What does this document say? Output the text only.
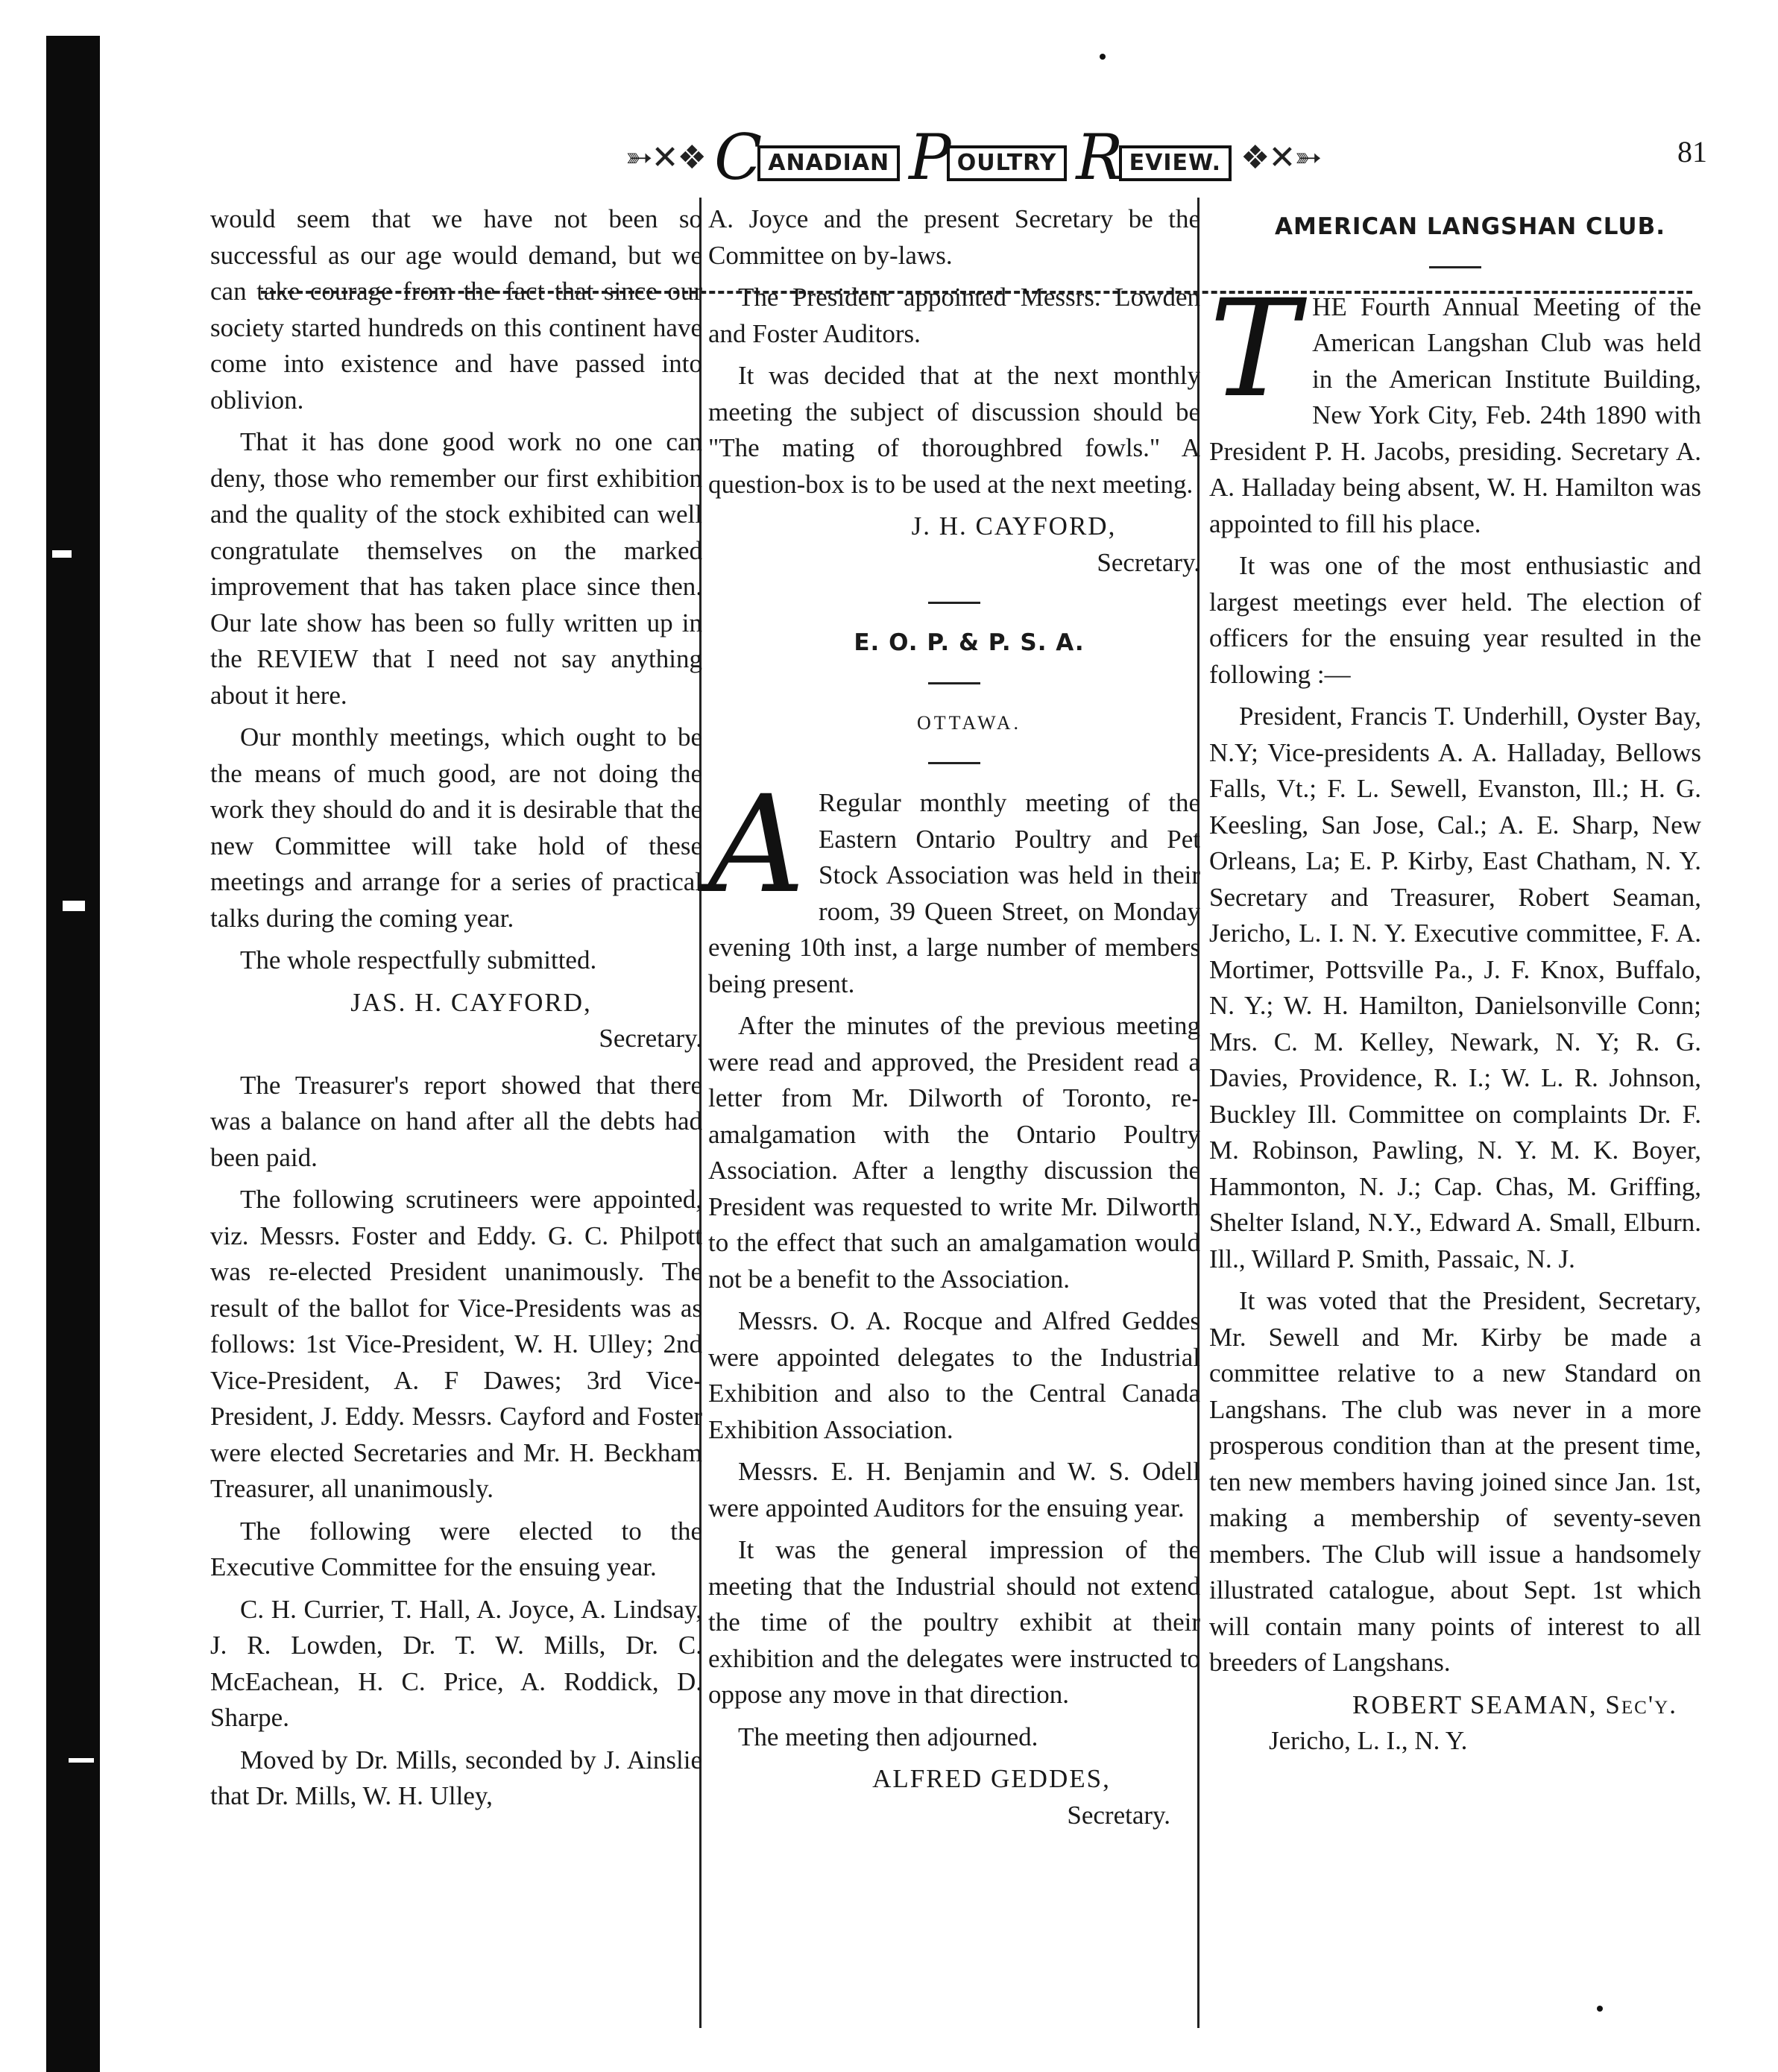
➳✕❖ C ANADIAN P OULTRY R EVIEW. ❖✕➳	81

would seem that we have not been so successful as our age would demand, but we can take courage from the fact that since our society started hundreds on this continent have come into existence and have passed into oblivion.

That it has done good work no one can deny, those who remember our first exhibition and the quality of the stock exhibited can well congratulate themselves on the marked improvement that has taken place since then. Our late show has been so fully written up in the REVIEW that I need not say anything about it here.

Our monthly meetings, which ought to be the means of much good, are not doing the work they should do and it is desirable that the new Committee will take hold of these meetings and arrange for a series of practical talks during the coming year.

The whole respectfully submitted.

JAS. H. CAYFORD,

Secretary.

The Treasurer's report showed that there was a balance on hand after all the debts had been paid.

The following scrutineers were appointed, viz. Messrs. Foster and Eddy. G. C. Philpott was re-elected President unanimously. The result of the ballot for Vice-Presidents was as follows: 1st Vice-President, W. H. Ulley; 2nd Vice-President, A. F Dawes; 3rd Vice-President, J. Eddy. Messrs. Cayford and Foster were elected Secretaries and Mr. H. Beckham Treasurer, all unanimously.

The following were elected to the Executive Committee for the ensuing year.

C. H. Currier, T. Hall, A. Joyce, A. Lindsay, J. R. Lowden, Dr. T. W. Mills, Dr. C. McEachean, H. C. Price, A. Roddick, D. Sharpe.

Moved by Dr. Mills, seconded by J. Ainslie that Dr. Mills, W. H. Ulley,

A. Joyce and the present Secretary be the Committee on by-laws.

The President appointed Messrs. Lowden and Foster Auditors.

It was decided that at the next monthly meeting the subject of discussion should be "The mating of thoroughbred fowls." A question-box is to be used at the next meeting.

J. H. CAYFORD,

Secretary.

E. O. P. & P. S. A.

OTTAWA.

A Regular monthly meeting of the Eastern Ontario Poultry and Pet Stock Association was held in their room, 39 Queen Street, on Monday evening 10th inst, a large number of members being present.

After the minutes of the previous meeting were read and approved, the President read a letter from Mr. Dilworth of Toronto, re-amalgamation with the Ontario Poultry Association. After a lengthy discussion the President was requested to write Mr. Dilworth to the effect that such an amalgamation would not be a benefit to the Association.

Messrs. O. A. Rocque and Alfred Geddes were appointed delegates to the Industrial Exhibition and also to the Central Canada Exhibition Association.

Messrs. E. H. Benjamin and W. S. Odell were appointed Auditors for the ensuing year.

It was the general impression of the meeting that the Industrial should not extend the time of the poultry exhibit at their exhibition and the delegates were instructed to oppose any move in that direction.

The meeting then adjourned.

ALFRED GEDDES,

Secretary.

AMERICAN LANGSHAN CLUB.

THE Fourth Annual Meeting of the American Langshan Club was held in the American Institute Building, New York City, Feb. 24th 1890 with President P. H. Jacobs, presiding. Secretary A. A. Halladay being absent, W. H. Hamilton was appointed to fill his place.

It was one of the most enthusiastic and largest meetings ever held. The election of officers for the ensuing year resulted in the following :—

President, Francis T. Underhill, Oyster Bay, N.Y; Vice-presidents A. A. Halladay, Bellows Falls, Vt.; F. L. Sewell, Evanston, Ill.; H. G. Keesling, San Jose, Cal.; A. E. Sharp, New Orleans, La; E. P. Kirby, East Chatham, N. Y. Secretary and Treasurer, Robert Seaman, Jericho, L. I. N. Y. Executive committee, F. A. Mortimer, Pottsville Pa., J. F. Knox, Buffalo, N. Y.; W. H. Hamilton, Danielsonville Conn; Mrs. C. M. Kelley, Newark, N. Y; R. G. Davies, Providence, R. I.; W. L. R. Johnson, Buckley Ill. Committee on complaints Dr. F. M. Robinson, Pawling, N. Y. M. K. Boyer, Hammonton, N. J.; Cap. Chas, M. Griffing, Shelter Island, N.Y., Edward A. Small, Elburn. Ill., Willard P. Smith, Passaic, N. J.

It was voted that the President, Secretary, Mr. Sewell and Mr. Kirby be made a committee relative to a new Standard on Langshans. The club was never in a more prosperous condition than at the present time, ten new members having joined since Jan. 1st, making a membership of seventy-seven members. The Club will issue a handsomely illustrated catalogue, about Sept. 1st which will contain many points of interest to all breeders of Langshans.

ROBERT SEAMAN, Sec'y.

Jericho, L. I., N. Y.
